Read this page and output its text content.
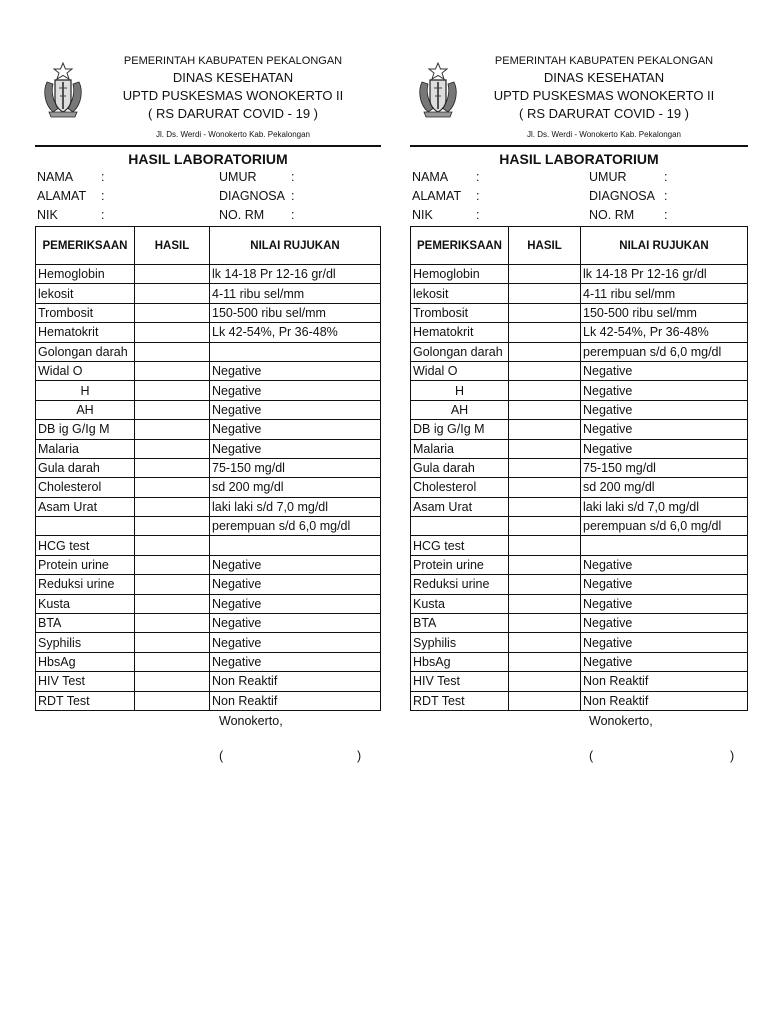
PEMERINTAH KABUPATEN PEKALONGAN
DINAS KESEHATAN
UPTD PUSKESMAS WONOKERTO II
( RS DARURAT COVID - 19 )
Jl. Ds. Werdi - Wonokerto Kab. Pekalongan
HASIL LABORATORIUM
NAMA :	UMUR	:
ALAMAT :	DIAGNOSA :
NIK	:	NO. RM :
PEMERIKSAAN	HASIL	NILAI RUJUKAN
Hemoglobin		lk 14-18 Pr 12-16 gr/dl
lekosit		4-11 ribu sel/mm
Trombosit		150-500 ribu sel/mm
Hematokrit		Lk 42-54%, Pr 36-48%
Golongan darah		
Widal O		Negative
H		Negative
AH		Negative
DB ig G/Ig M		Negative
Malaria		Negative
Gula darah		75-150 mg/dl
Cholesterol		sd 200 mg/dl
Asam Urat		laki laki s/d 7,0 mg/dl
		perempuan s/d 6,0 mg/dl
HCG test		
Protein urine		Negative
Reduksi urine		Negative
Kusta		Negative
BTA		Negative
Syphilis		Negative
HbsAg		Negative
HIV Test		Non Reaktif
RDT Test		Non Reaktif
Wonokerto,
(	)
PEMERINTAH KABUPATEN PEKALONGAN
DINAS KESEHATAN
UPTD PUSKESMAS WONOKERTO II
( RS DARURAT COVID - 19 )
Jl. Ds. Werdi - Wonokerto Kab. Pekalongan
HASIL LABORATORIUM
NAMA :	UMUR	:
ALAMAT :	DIAGNOSA :
NIK	:	NO. RM :
PEMERIKSAAN	HASIL	NILAI RUJUKAN
Hemoglobin		lk 14-18 Pr 12-16 gr/dl
lekosit		4-11 ribu sel/mm
Trombosit		150-500 ribu sel/mm
Hematokrit		Lk 42-54%, Pr 36-48%
Golongan darah		perempuan s/d 6,0 mg/dl
Widal O		Negative
H		Negative
AH		Negative
DB ig G/Ig M		Negative
Malaria		Negative
Gula darah		75-150 mg/dl
Cholesterol		sd 200 mg/dl
Asam Urat		laki laki s/d 7,0 mg/dl
		perempuan s/d 6,0 mg/dl
HCG test		
Protein urine		Negative
Reduksi urine		Negative
Kusta		Negative
BTA		Negative
Syphilis		Negative
HbsAg		Negative
HIV Test		Non Reaktif
RDT Test		Non Reaktif
Wonokerto,
(	)
